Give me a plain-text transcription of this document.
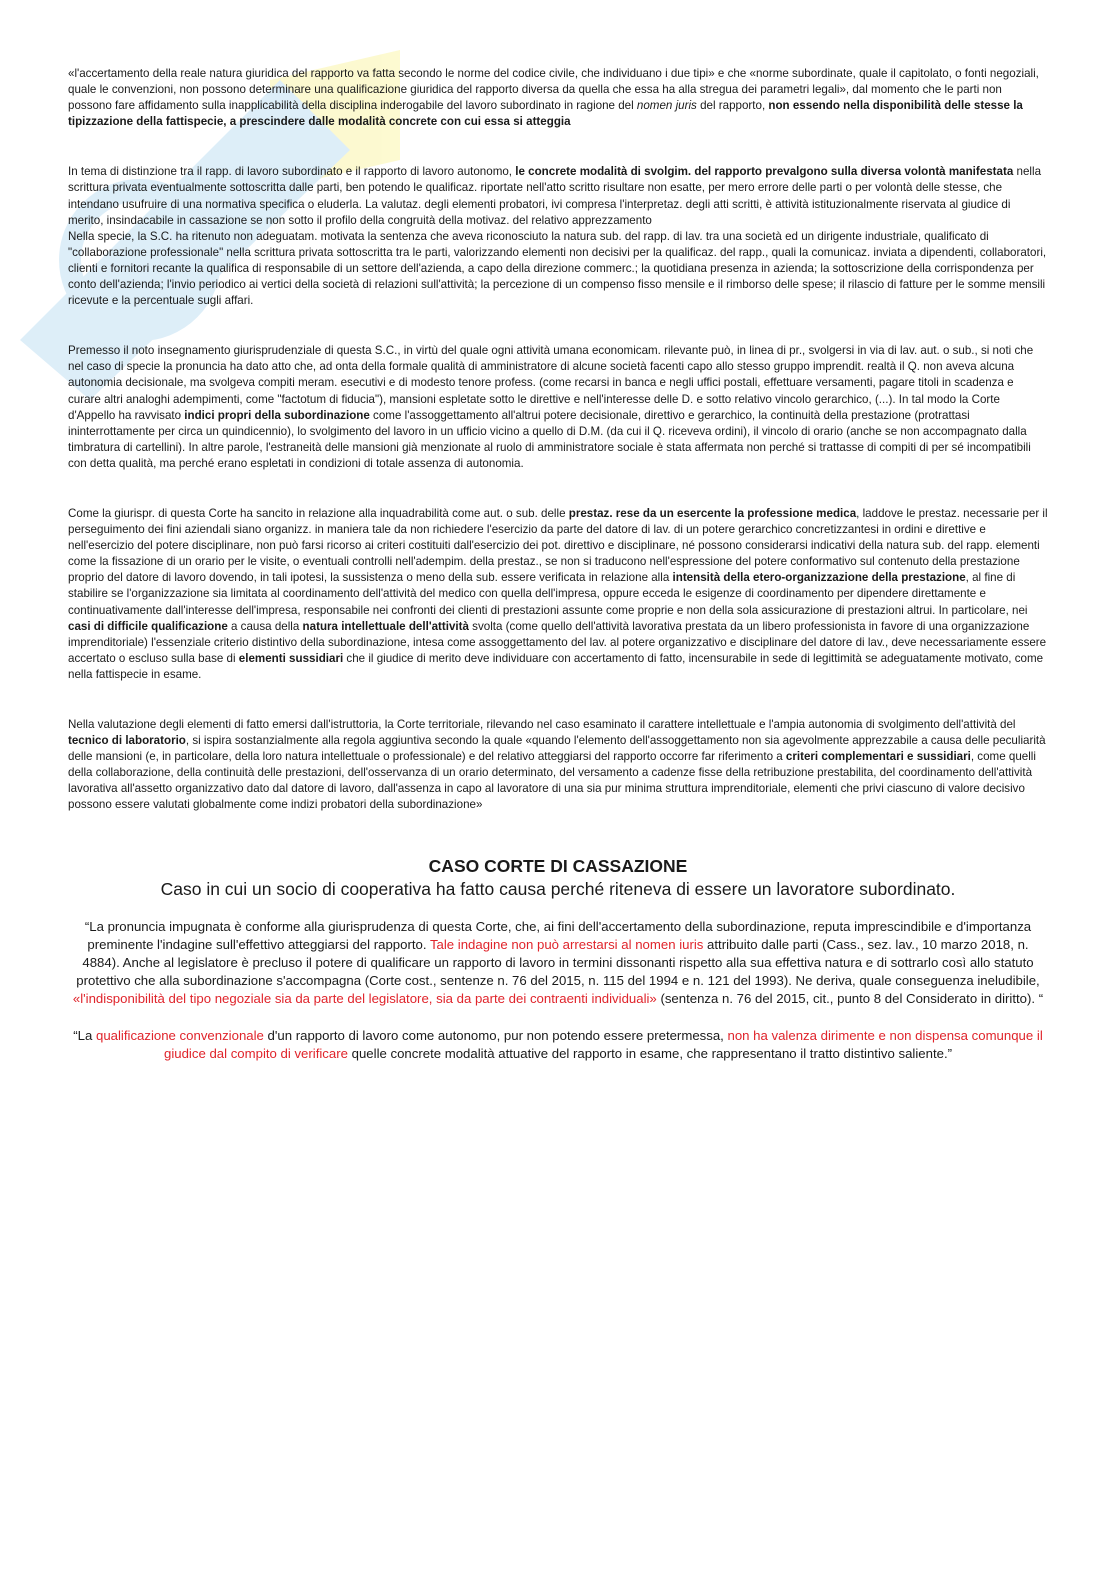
«l'accertamento della reale natura giuridica del rapporto va fatta secondo le norme del codice civile, che individuano i due tipi» e che «norme subordinate, quale il capitolato, o fonti negoziali, quale le convenzioni, non possono determinare una qualificazione giuridica del rapporto diversa da quella che essa ha alla stregua dei parametri legali», dal momento che le parti non possono fare affidamento sulla inapplicabilità della disciplina inderogabile del lavoro subordinato in ragione del nomen juris del rapporto, non essendo nella disponibilità delle stesse la tipizzazione della fattispecie, a prescindere dalle modalità concrete con cui essa si atteggia

In tema di distinzione tra il rapp. di lavoro subordinato e il rapporto di lavoro autonomo, le concrete modalità di svolgim. del rapporto prevalgono sulla diversa volontà manifestata nella scrittura privata eventualmente sottoscritta dalle parti, ben potendo le qualificaz. riportate nell'atto scritto risultare non esatte, per mero errore delle parti o per volontà delle stesse, che intendano usufruire di una normativa specifica o eluderla. La valutaz. degli elementi probatori, ivi compresa l'interpretaz. degli atti scritti, è attività istituzionalmente riservata al giudice di merito, insindacabile in cassazione se non sotto il profilo della congruità della motivaz. del relativo apprezzamento
Nella specie, la S.C. ha ritenuto non adeguatam. motivata la sentenza che aveva riconosciuto la natura sub. del rapp. di lav. tra una società ed un dirigente industriale, qualificato di "collaborazione professionale" nella scrittura privata sottoscritta tra le parti, valorizzando elementi non decisivi per la qualificaz. del rapp., quali la comunicaz. inviata a dipendenti, collaboratori, clienti e fornitori recante la qualifica di responsabile di un settore dell'azienda, a capo della direzione commerc.; la quotidiana presenza in azienda; la sottoscrizione della corrispondenza per conto dell'azienda; l'invio periodico ai vertici della società di relazioni sull'attività; la percezione di un compenso fisso mensile e il rimborso delle spese; il rilascio di fatture per le somme mensili ricevute e la percentuale sugli affari.

Premesso il noto insegnamento giurisprudenziale di questa S.C., in virtù del quale ogni attività umana economicam. rilevante può, in linea di pr., svolgersi in via di lav. aut. o sub., si noti che nel caso di specie la pronuncia ha dato atto che, ad onta della formale qualità di amministratore di alcune società facenti capo allo stesso gruppo imprendit. realtà il Q. non aveva alcuna autonomia decisionale, ma svolgeva compiti meram. esecutivi e di modesto tenore profess. (come recarsi in banca e negli uffici postali, effettuare versamenti, pagare titoli in scadenza e curare altri analoghi adempimenti, come "factotum di fiducia"), mansioni espletate sotto le direttive e nell'interesse delle D. e sotto relativo vincolo gerarchico, (...). In tal modo la Corte d'Appello ha ravvisato indici propri della subordinazione come l'assoggettamento all'altrui potere decisionale, direttivo e gerarchico, la continuità della prestazione (protrattasi ininterrottamente per circa un quindicennio), lo svolgimento del lavoro in un ufficio vicino a quello di D.M. (da cui il Q. riceveva ordini), il vincolo di orario (anche se non accompagnato dalla timbratura di cartellini). In altre parole, l'estraneità delle mansioni già menzionate al ruolo di amministratore sociale è stata affermata non perché si trattasse di compiti di per sé incompatibili con detta qualità, ma perché erano espletati in condizioni di totale assenza di autonomia.

Come la giurispr. di questa Corte ha sancito in relazione alla inquadrabilità come aut. o sub. delle prestaz. rese da un esercente la professione medica, laddove le prestaz. necessarie per il perseguimento dei fini aziendali siano organizz. in maniera tale da non richiedere l'esercizio da parte del datore di lav. di un potere gerarchico concretizzantesi in ordini e direttive e nell'esercizio del potere disciplinare, non può farsi ricorso ai criteri costituiti dall'esercizio dei pot. direttivo e disciplinare, né possono considerarsi indicativi della natura sub. del rapp. elementi come la fissazione di un orario per le visite, o eventuali controlli nell'adempim. della prestaz., se non si traducono nell'espressione del potere conformativo sul contenuto della prestazione proprio del datore di lavoro dovendo, in tali ipotesi, la sussistenza o meno della sub. essere verificata in relazione alla intensità della etero-organizzazione della prestazione, al fine di stabilire se l'organizzazione sia limitata al coordinamento dell'attività del medico con quella dell'impresa, oppure ecceda le esigenze di coordinamento per dipendere direttamente e continuativamente dall'interesse dell'impresa, responsabile nei confronti dei clienti di prestazioni assunte come proprie e non della sola assicurazione di prestazioni altrui. In particolare, nei casi di difficile qualificazione a causa della natura intellettuale dell'attività svolta (come quello dell'attività lavorativa prestata da un libero professionista in favore di una organizzazione imprenditoriale) l'essenziale criterio distintivo della subordinazione, intesa come assoggettamento del lav. al potere organizzativo e disciplinare del datore di lav., deve necessariamente essere accertato o escluso sulla base di elementi sussidiari che il giudice di merito deve individuare con accertamento di fatto, incensurabile in sede di legittimità se adeguatamente motivato, come nella fattispecie in esame.

Nella valutazione degli elementi di fatto emersi dall'istruttoria, la Corte territoriale, rilevando nel caso esaminato il carattere intellettuale e l'ampia autonomia di svolgimento dell'attività del tecnico di laboratorio, si ispira sostanzialmente alla regola aggiuntiva secondo la quale «quando l'elemento dell'assoggettamento non sia agevolmente apprezzabile a causa delle peculiarità delle mansioni (e, in particolare, della loro natura intellettuale o professionale) e del relativo atteggiarsi del rapporto occorre far riferimento a criteri complementari e sussidiari, come quelli della collaborazione, della continuità delle prestazioni, dell'osservanza di un orario determinato, del versamento a cadenze fisse della retribuzione prestabilita, del coordinamento dell'attività lavorativa all'assetto organizzativo dato dal datore di lavoro, dall'assenza in capo al lavoratore di una sia pur minima struttura imprenditoriale, elementi che privi ciascuno di valore decisivo possono essere valutati globalmente come indizi probatori della subordinazione»

CASO CORTE DI CASSAZIONE

Caso in cui un socio di cooperativa ha fatto causa perché riteneva di essere un lavoratore subordinato.

“La pronuncia impugnata è conforme alla giurisprudenza di questa Corte, che, ai fini dell'accertamento della subordinazione, reputa imprescindibile e d'importanza preminente l'indagine sull'effettivo atteggiarsi del rapporto. Tale indagine non può arrestarsi al nomen iuris attribuito dalle parti (Cass., sez. lav., 10 marzo 2018, n. 4884). Anche al legislatore è precluso il potere di qualificare un rapporto di lavoro in termini dissonanti rispetto alla sua effettiva natura e di sottrarlo così allo statuto protettivo che alla subordinazione s'accompagna (Corte cost., sentenze n. 76 del 2015, n. 115 del 1994 e n. 121 del 1993). Ne deriva, quale conseguenza ineludibile, «l'indisponibilità del tipo negoziale sia da parte del legislatore, sia da parte dei contraenti individuali» (sentenza n. 76 del 2015, cit., punto 8 del Considerato in diritto). “

“La qualificazione convenzionale d'un rapporto di lavoro come autonomo, pur non potendo essere pretermessa, non ha valenza dirimente e non dispensa comunque il giudice dal compito di verificare quelle concrete modalità attuative del rapporto in esame, che rappresentano il tratto distintivo saliente.”
